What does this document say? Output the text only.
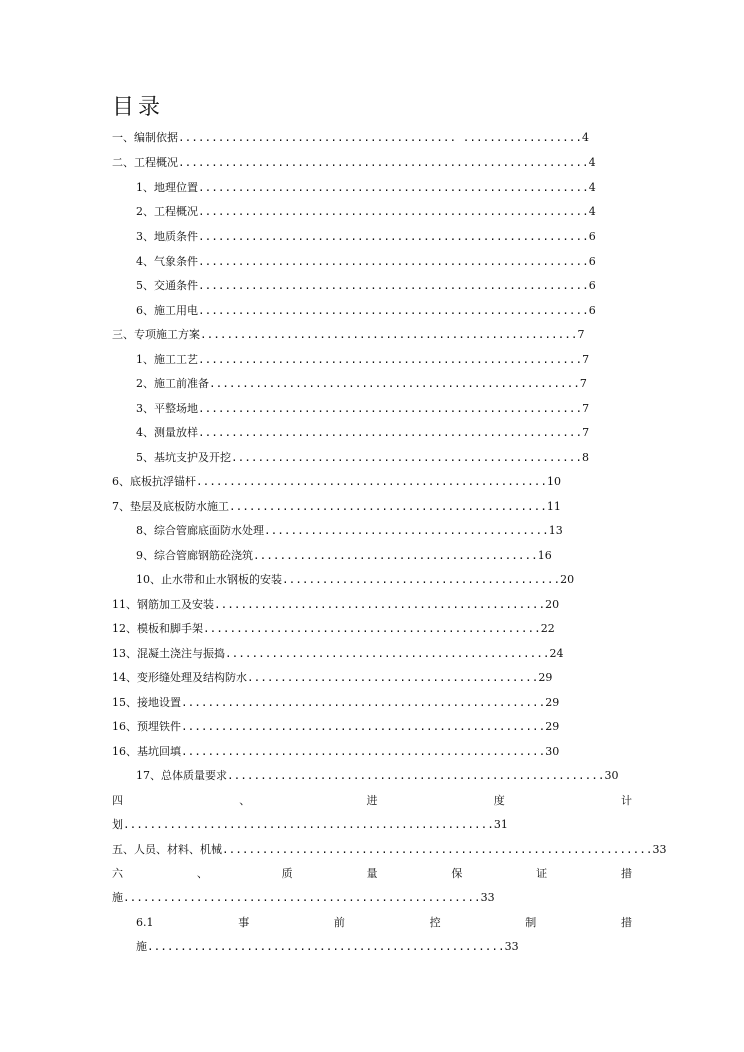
目录
一、编制依据.......................................... ..................4
二、工程概况..............................................................4
1、地理位置...........................................................4
2、工程概况...........................................................4
3、地质条件...........................................................6
4、气象条件...........................................................6
5、交通条件...........................................................6
6、施工用电...........................................................6
三、专项施工方案.........................................................7
1、施工工艺..........................................................7
2、施工前准备........................................................7
3、平整场地..........................................................7
4、测量放样..........................................................7
5、基坑支护及开挖.....................................................8
6、底板抗浮锚杆.....................................................10
7、垫层及底板防水施工................................................11
8、综合管廊底面防水处理...........................................13
9、综合管廊钢筋砼浇筑...........................................16
10、止水带和止水钢板的安装..........................................20
11、钢筋加工及安装..................................................20
12、模板和脚手架...................................................22
13、混凝土浇注与振捣.................................................24
14、变形缝处理及结构防水............................................29
15、接地设置.......................................................29
16、预埋铁件.......................................................29
16、基坑回填.......................................................30
17、总体质量要求.........................................................30
四	、	进	度	计
划........................................................31
五、人员、材料、机械.................................................................33
六	、	质	量	保	证	措
施......................................................33
6.1	事	前	控	制	措
施......................................................33
